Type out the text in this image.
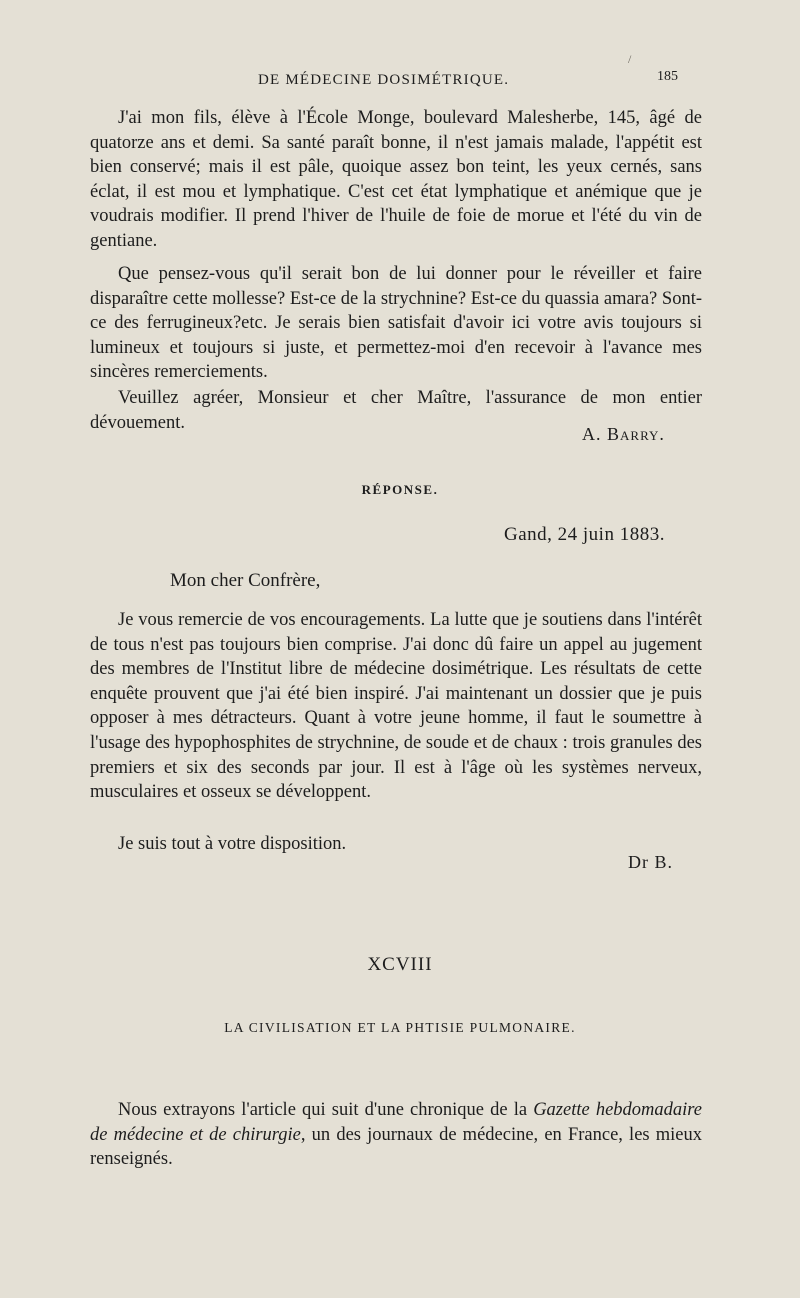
/
DE MÉDECINE DOSIMÉTRIQUE.	185

J'ai mon fils, élève à l'École Monge, boulevard Malesherbe, 145, âgé de quatorze ans et demi. Sa santé paraît bonne, il n'est jamais malade, l'appétit est bien conservé; mais il est pâle, quoique assez bon teint, les yeux cernés, sans éclat, il est mou et lymphatique. C'est cet état lymphatique et anémique que je voudrais modifier. Il prend l'hiver de l'huile de foie de morue et l'été du vin de gentiane.

Que pensez-vous qu'il serait bon de lui donner pour le réveiller et faire disparaître cette mollesse? Est-ce de la strychnine? Est-ce du quassia amara? Sont-ce des ferrugineux?etc. Je serais bien satisfait d'avoir ici votre avis toujours si lumineux et toujours si juste, et permettez-moi d'en recevoir à l'avance mes sincères remerciements.

Veuillez agréer, Monsieur et cher Maître, l'assurance de mon entier dévouement.

A. Barry.
RÉPONSE.
Gand, 24 juin 1883.
Mon cher Confrère,

Je vous remercie de vos encouragements. La lutte que je soutiens dans l'intérêt de tous n'est pas toujours bien comprise. J'ai donc dû faire un appel au jugement des membres de l'Institut libre de médecine dosimétrique. Les résultats de cette enquête prouvent que j'ai été bien inspiré. J'ai maintenant un dossier que je puis opposer à mes détracteurs. Quant à votre jeune homme, il faut le soumettre à l'usage des hypophosphites de strychnine, de soude et de chaux : trois granules des premiers et six des seconds par jour. Il est à l'âge où les systèmes nerveux, musculaires et osseux se développent.

Je suis tout à votre disposition.

Dr B.
XCVIII
LA CIVILISATION ET LA PHTISIE PULMONAIRE.

Nous extrayons l'article qui suit d'une chronique de la Gazette hebdomadaire de médecine et de chirurgie, un des journaux de médecine, en France, les mieux renseignés.
